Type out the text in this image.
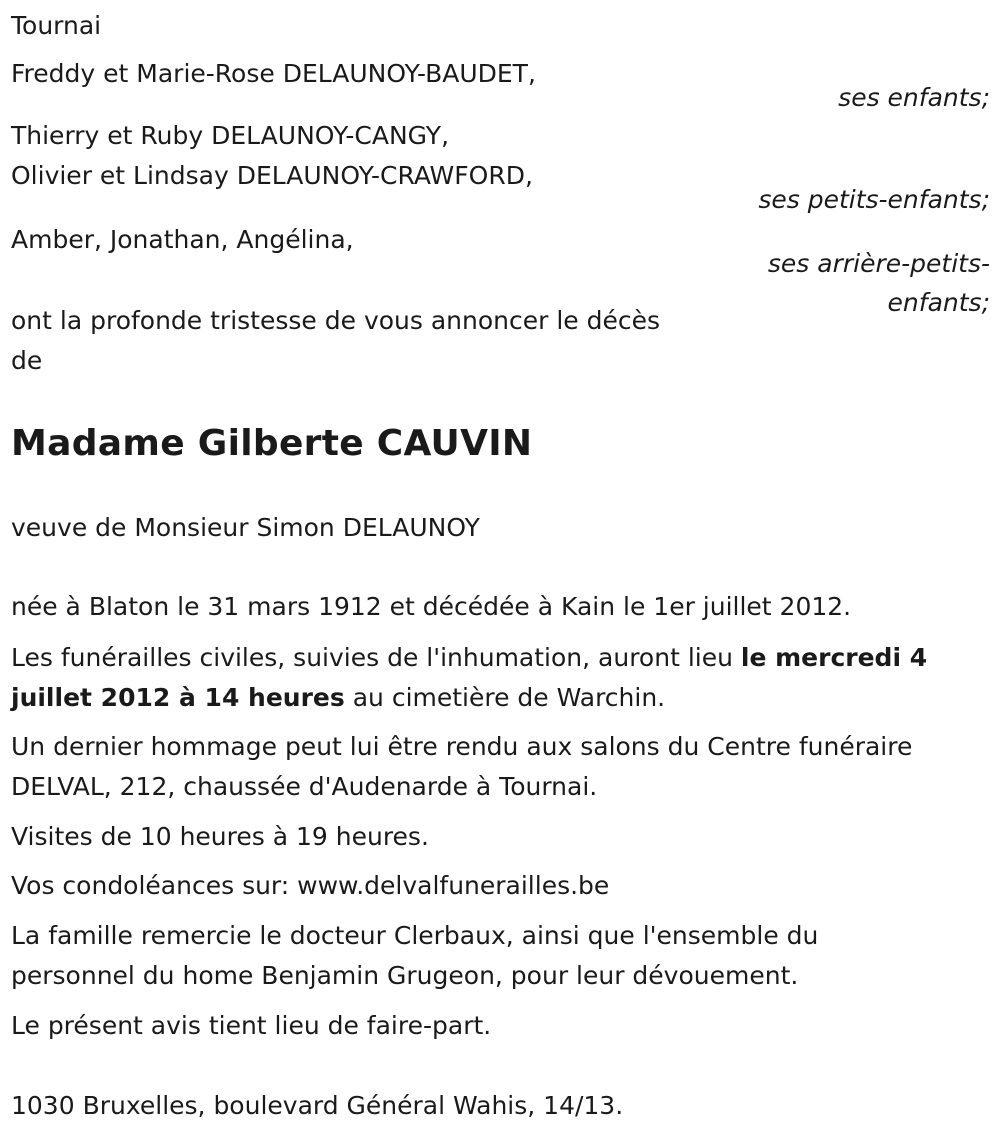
Tournai
Freddy et Marie-Rose DELAUNOY-BAUDET,
ses enfants;
Thierry et Ruby DELAUNOY-CANGY,
Olivier et Lindsay DELAUNOY-CRAWFORD,
ses petits-enfants;
Amber, Jonathan, Angélina,
ses arrière-petits-
enfants;
ont la profonde tristesse de vous annoncer le décès
de
Madame Gilberte CAUVIN
veuve de Monsieur Simon DELAUNOY
née à Blaton le 31 mars 1912 et décédée à Kain le 1er juillet 2012.
Les funérailles civiles, suivies de l'inhumation, auront lieu le mercredi 4
juillet 2012 à 14 heures au cimetière de Warchin.
Un dernier hommage peut lui être rendu aux salons du Centre funéraire
DELVAL, 212, chaussée d'Audenarde à Tournai.
Visites de 10 heures à 19 heures.
Vos condoléances sur: www.delvalfunerailles.be
La famille remercie le docteur Clerbaux, ainsi que l'ensemble du
personnel du home Benjamin Grugeon, pour leur dévouement.
Le présent avis tient lieu de faire-part.
1030 Bruxelles, boulevard Général Wahis, 14/13.
